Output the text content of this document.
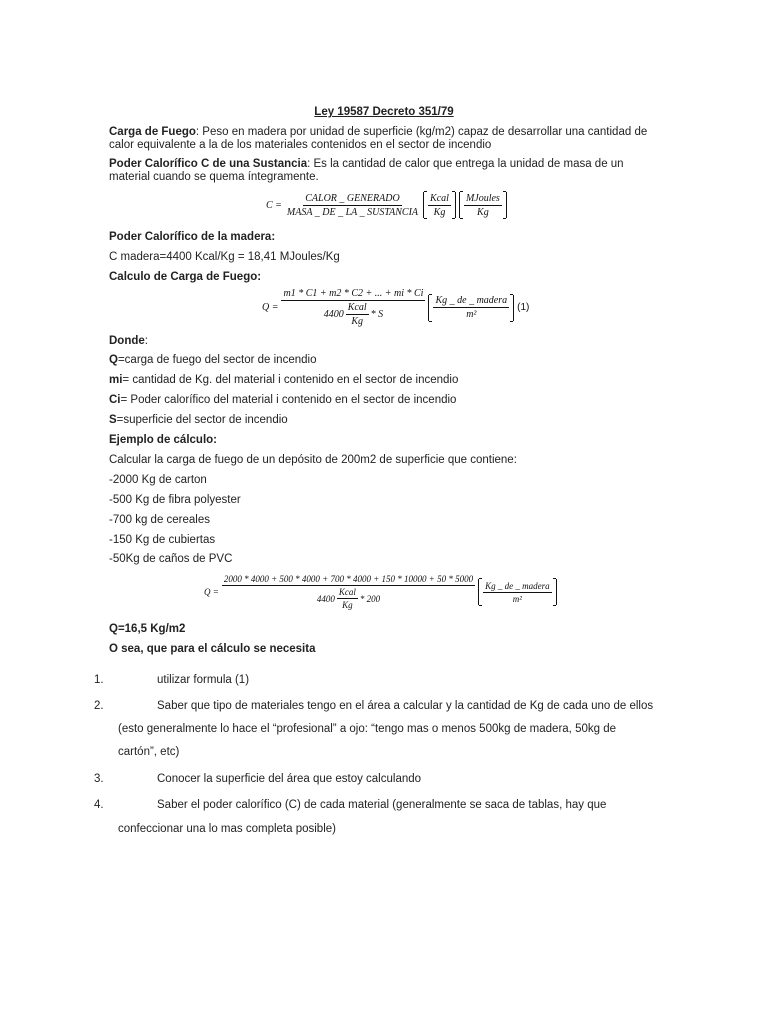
Ley 19587 Decreto 351/79
Carga de Fuego: Peso en madera por unidad de superficie (kg/m2) capaz de desarrollar una cantidad de
calor equivalente a la de los materiales contenidos en el sector de incendio
Poder Calorífico C de una Sustancia: Es la cantidad de calor que entrega la unidad de masa de un
material cuando se quema íntegramente.
$C = \frac{\text{CALOR \_ GENERADO}}{\text{MASA \_ DE \_ LA \_ SUSTANCIA}} \frac{\text{Kcal}}{Kg} \frac{\text{MJoules}}{Kg}$
Poder Calorífico de la madera:
C madera=4400 Kcal/Kg = 18,41 MJoules/Kg
Calculo de Carga de Fuego:
Q =
m1 * C1 + m2 * C2 + ... + mi * Ci
$4400 \frac{\text{Kcal}}{Kg}$ * S	$\frac{\text{Kg \_ de \_ madera}}{\text{m²}} (1)$
Donde:
Q=carga de fuego del sector de incendio
mi= cantidad de Kg. del material i contenido en el sector de incendio
Ci= Poder calorífico del material i contenido en el sector de incendio
S=superficie del sector de incendio
Ejemplo de cálculo:
Calcular la carga de fuego de un depósito de 200m2 de superficie que contiene:
-2000 Kg de carton
-500 Kg de fibra polyester
-700 kg de cereales
-150 Kg de cubiertas
-50Kg de caños de PVC
Q =
2000 * 4000 + 500 * 4000 + 700 * 4000 + 150 * 10000 + 50 * 5000
$4400 \frac{\text{Kcal}}{Kg} * 200$	$\frac{\text{Kg \_ de \_ madera}}{\text{m²}}$
Q=16,5 Kg/m2
O sea, que para el cálculo se necesita
1.	utilizar formula (1)
2.	Saber que tipo de materiales tengo en el área a calcular y la cantidad de Kg de cada uno de ellos
(esto generalmente lo hace el “profesional” a ojo: “tengo mas o menos 500kg de madera, 50kg de
cartón”, etc)
3.	Conocer la superficie del área que estoy calculando
4.	Saber el poder calorífico (C) de cada material (generalmente se saca de tablas, hay que
confeccionar una lo mas completa posible)
